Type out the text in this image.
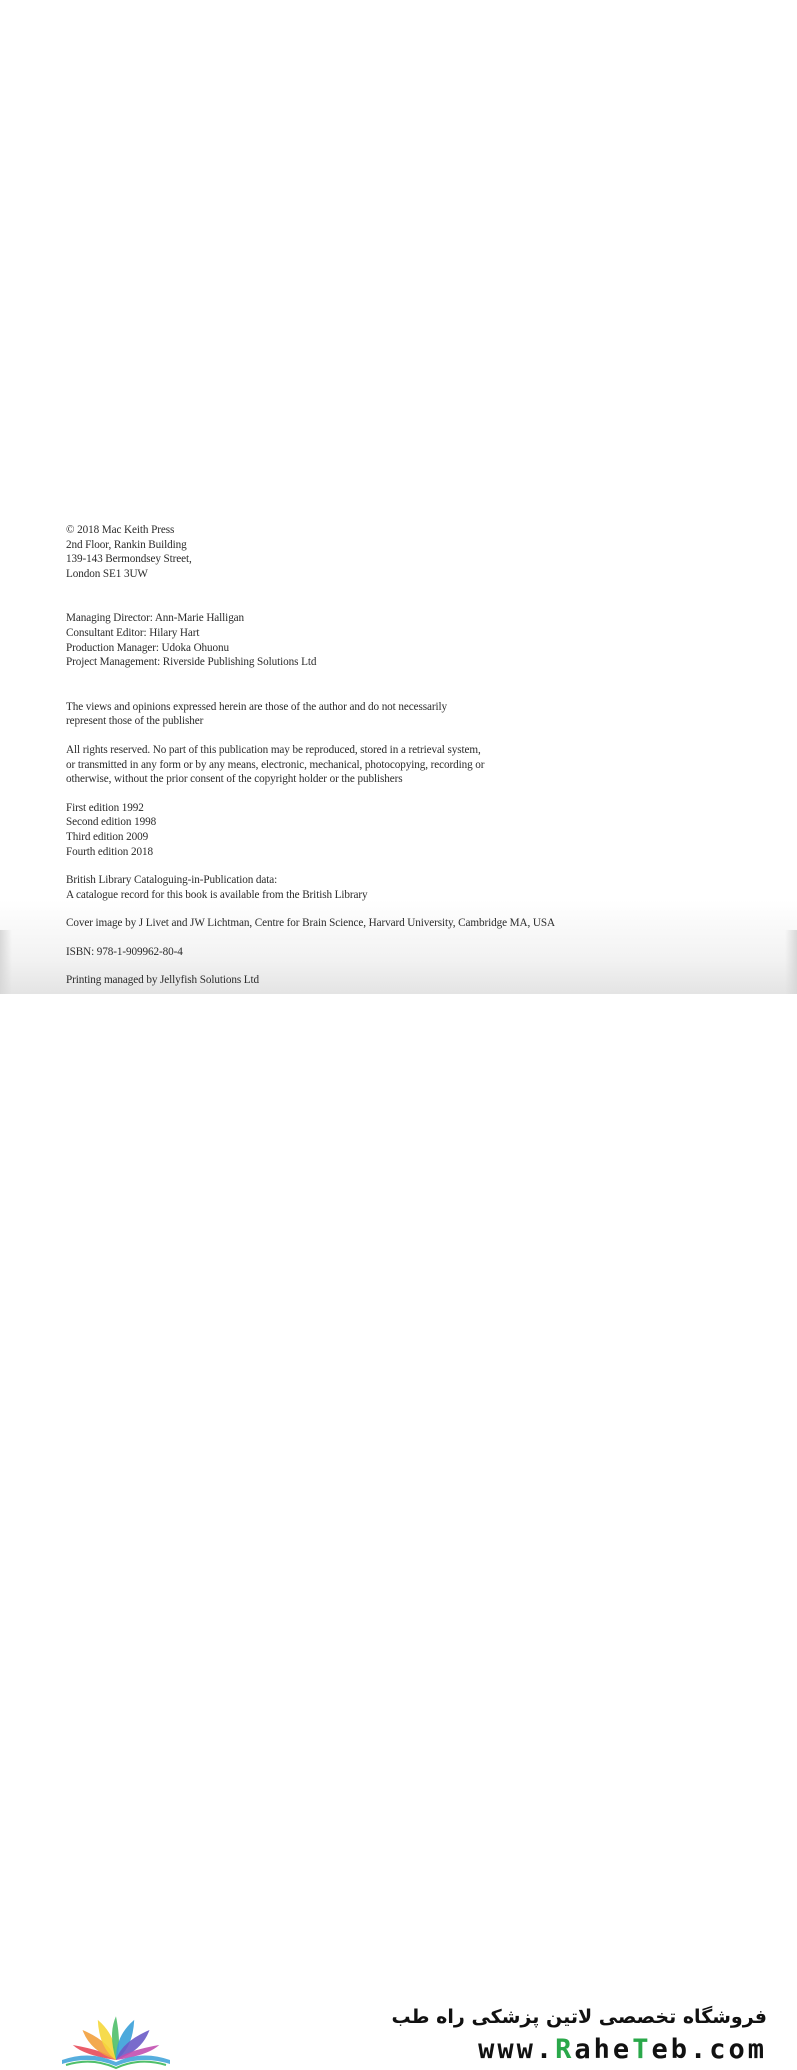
© 2018 Mac Keith Press
2nd Floor, Rankin Building
139-143 Bermondsey Street,
London SE1 3UW
Managing Director: Ann-Marie Halligan
Consultant Editor: Hilary Hart
Production Manager: Udoka Ohuonu
Project Management: Riverside Publishing Solutions Ltd
The views and opinions expressed herein are those of the author and do not necessarily
represent those of the publisher
All rights reserved. No part of this publication may be reproduced, stored in a retrieval system,
or transmitted in any form or by any means, electronic, mechanical, photocopying, recording or
otherwise, without the prior consent of the copyright holder or the publishers
First edition 1992
Second edition 1998
Third edition 2009
Fourth edition 2018
British Library Cataloguing-in-Publication data:
A catalogue record for this book is available from the British Library
Cover image by J Livet and JW Lichtman, Centre for Brain Science, Harvard University, Cambridge MA, USA
ISBN: 978-1-909962-80-4
Printing managed by Jellyfish Solutions Ltd
فروشگاه تخصصی لاتین پزشکی راه طب
www.RaheTeb.com
